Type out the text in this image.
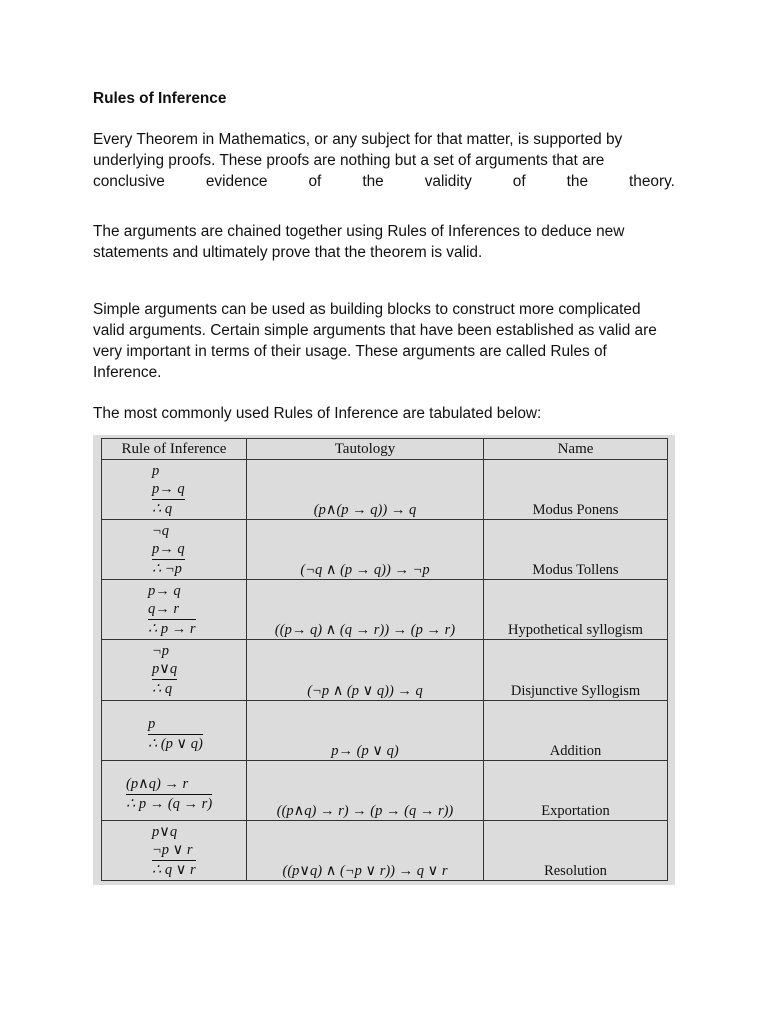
Rules of Inference
Every Theorem in Mathematics, or any subject for that matter, is supported by
underlying proofs. These proofs are nothing but a set of arguments that are
conclusive	evidence	of	the	validity	of	the	theory.
The arguments are chained together using Rules of Inferences to deduce new statements and ultimately prove that the theorem is valid.
Simple arguments can be used as building blocks to construct more complicated valid arguments. Certain simple arguments that have been established as valid are very important in terms of their usage. These arguments are called Rules of Inference.
The most commonly used Rules of Inference are tabulated below:
Rule of Inference	Tautology	Name

p
p→ q
∴ q	(p∧(p → q)) → q	Modus Ponens

¬q
p→ q
∴ ¬p	(¬q ∧ (p → q)) → ¬p	Modus Tollens

p→ q
q→ r
∴ p → r	((p→ q) ∧ (q → r)) → (p → r)	Hypothetical syllogism

¬p
p∨q
∴ q	(¬p ∧ (p ∨ q)) → q	Disjunctive Syllogism

p
∴ (p ∨ q)	p→ (p ∨ q)	Addition

(p∧q) → r
∴ p → (q → r)	((p∧q) → r) → (p → (q → r))	Exportation

p∨q
¬p ∨ r
∴ q ∨ r	((p∨q) ∧ (¬p ∨ r)) → q ∨ r	Resolution
